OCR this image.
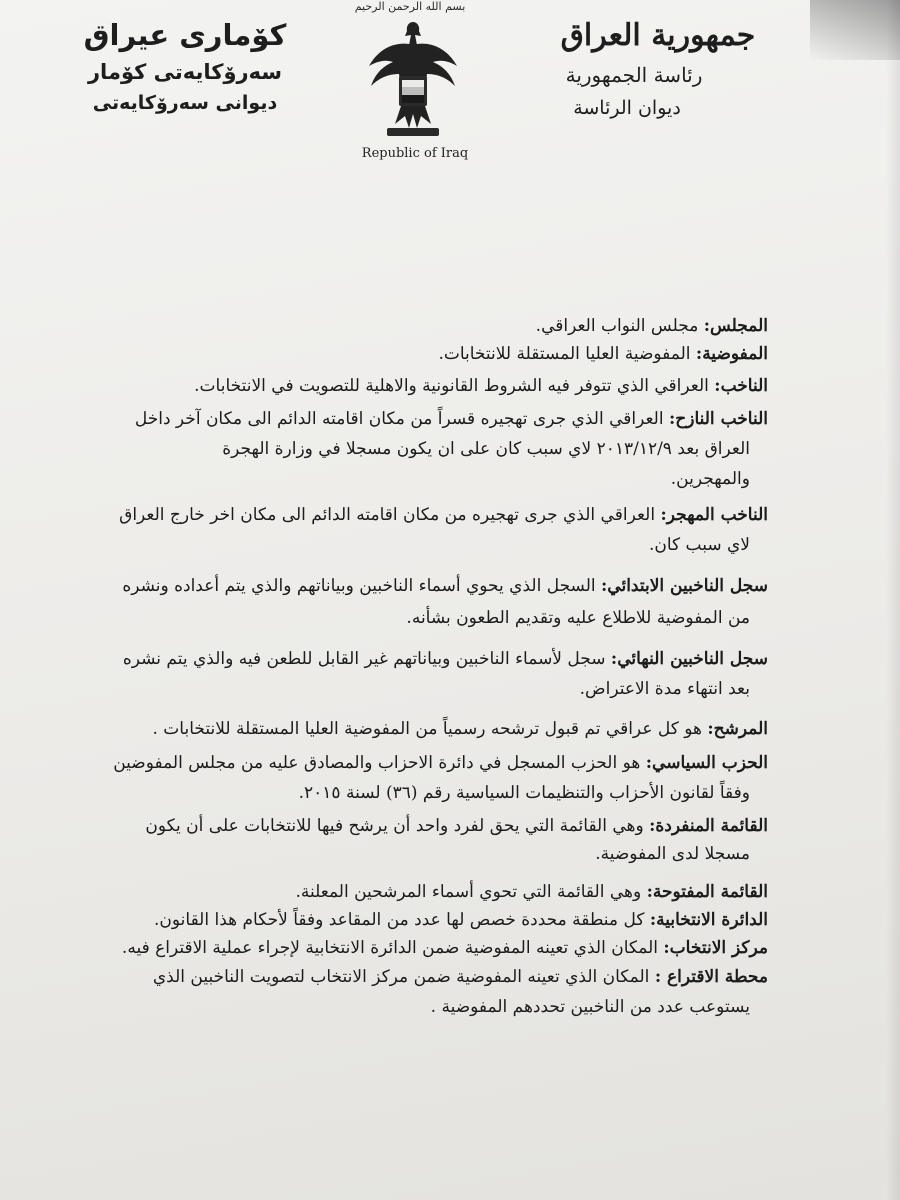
بسم الله الرحمن الرحيم
Republic of Iraq
جمهورية العراق
رئاسة الجمهورية
ديوان الرئاسة
كۆمارى عيراق
سەرۆكايەتى كۆمار
ديوانى سەرۆكايەتى
المجلس: مجلس النواب العراقي.
المفوضية: المفوضية العليا المستقلة للانتخابات.
الناخب: العراقي الذي تتوفر فيه الشروط القانونية والاهلية للتصويت في الانتخابات.
الناخب النازح: العراقي الذي جرى تهجيره قسراً من مكان اقامته الدائم الى مكان آخر داخل
العراق بعد ٢٠١٣/١٢/٩ لاي سبب كان على ان يكون مسجلا في وزارة الهجرة
والمهجرين.
الناخب المهجر: العراقي الذي جرى تهجيره من مكان اقامته الدائم الى مكان اخر خارج العراق
لاي سبب كان.
سجل الناخبين الابتدائي: السجل الذي يحوي أسماء الناخبين وبياناتهم والذي يتم أعداده ونشره
من المفوضية للاطلاع عليه وتقديم الطعون بشأنه.
سجل الناخبين النهائي: سجل لأسماء الناخبين وبياناتهم غير القابل للطعن فيه والذي يتم نشره
بعد انتهاء مدة الاعتراض.
المرشح: هو كل عراقي تم قبول ترشحه رسمياً من المفوضية العليا المستقلة للانتخابات .
الحزب السياسي: هو الحزب المسجل في دائرة الاحزاب والمصادق عليه من مجلس المفوضين
وفقاً لقانون الأحزاب والتنظيمات السياسية رقم (٣٦) لسنة ٢٠١٥.
القائمة المنفردة: وهي القائمة التي يحق لفرد واحد أن يرشح فيها للانتخابات على أن يكون
مسجلا لدى المفوضية.
القائمة المفتوحة: وهي القائمة التي تحوي أسماء المرشحين المعلنة.
الدائرة الانتخابية: كل منطقة محددة خصص لها عدد من المقاعد وفقاً لأحكام هذا القانون.
مركز الانتخاب: المكان الذي تعينه المفوضية ضمن الدائرة الانتخابية لإجراء عملية الاقتراع فيه.
محطة الاقتراع : المكان الذي تعينه المفوضية ضمن مركز الانتخاب لتصويت الناخبين الذي
يستوعب عدد من الناخبين تحددهم المفوضية .
